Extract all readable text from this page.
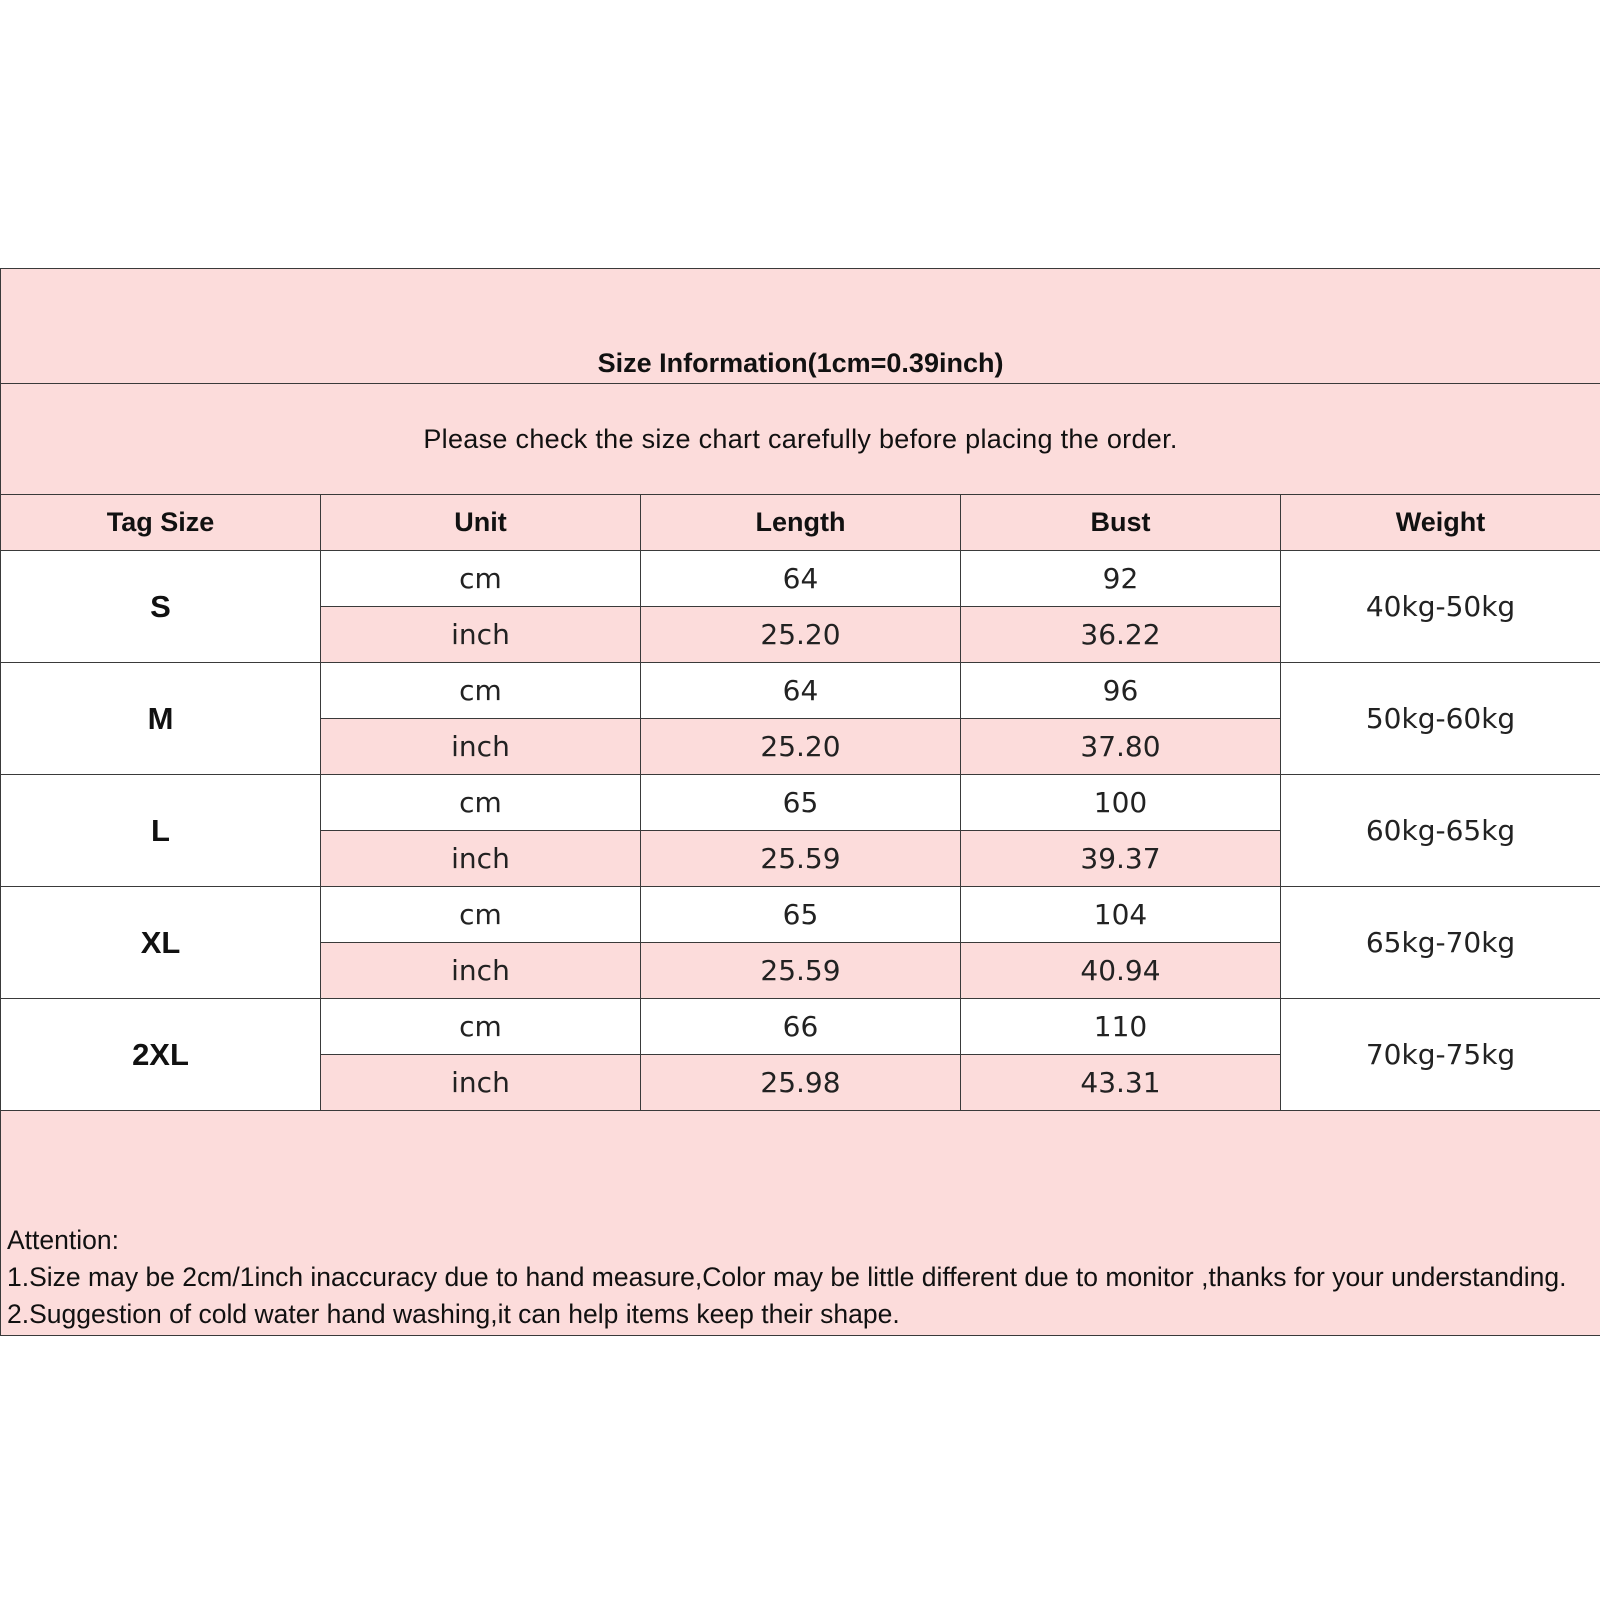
Size Information(1cm=0.39inch)				
Please check the size chart carefully before placing the order.				
Tag Size	Unit	Length	Bust	Weight
S	cm	64	92	40kg-50kg
	inch	25.20	36.22	
M	cm	64	96	50kg-60kg
	inch	25.20	37.80	
L	cm	65	100	60kg-65kg
	inch	25.59	39.37	
XL	cm	65	104	65kg-70kg
	inch	25.59	40.94	
2XL	cm	66	110	70kg-75kg
	inch	25.98	43.31	

Attention:
1.Size may be 2cm/1inch inaccuracy due to hand measure,Color may be little different due to monitor ,thanks for your understanding.
2.Suggestion of cold water hand washing,it can help items keep their shape.				
